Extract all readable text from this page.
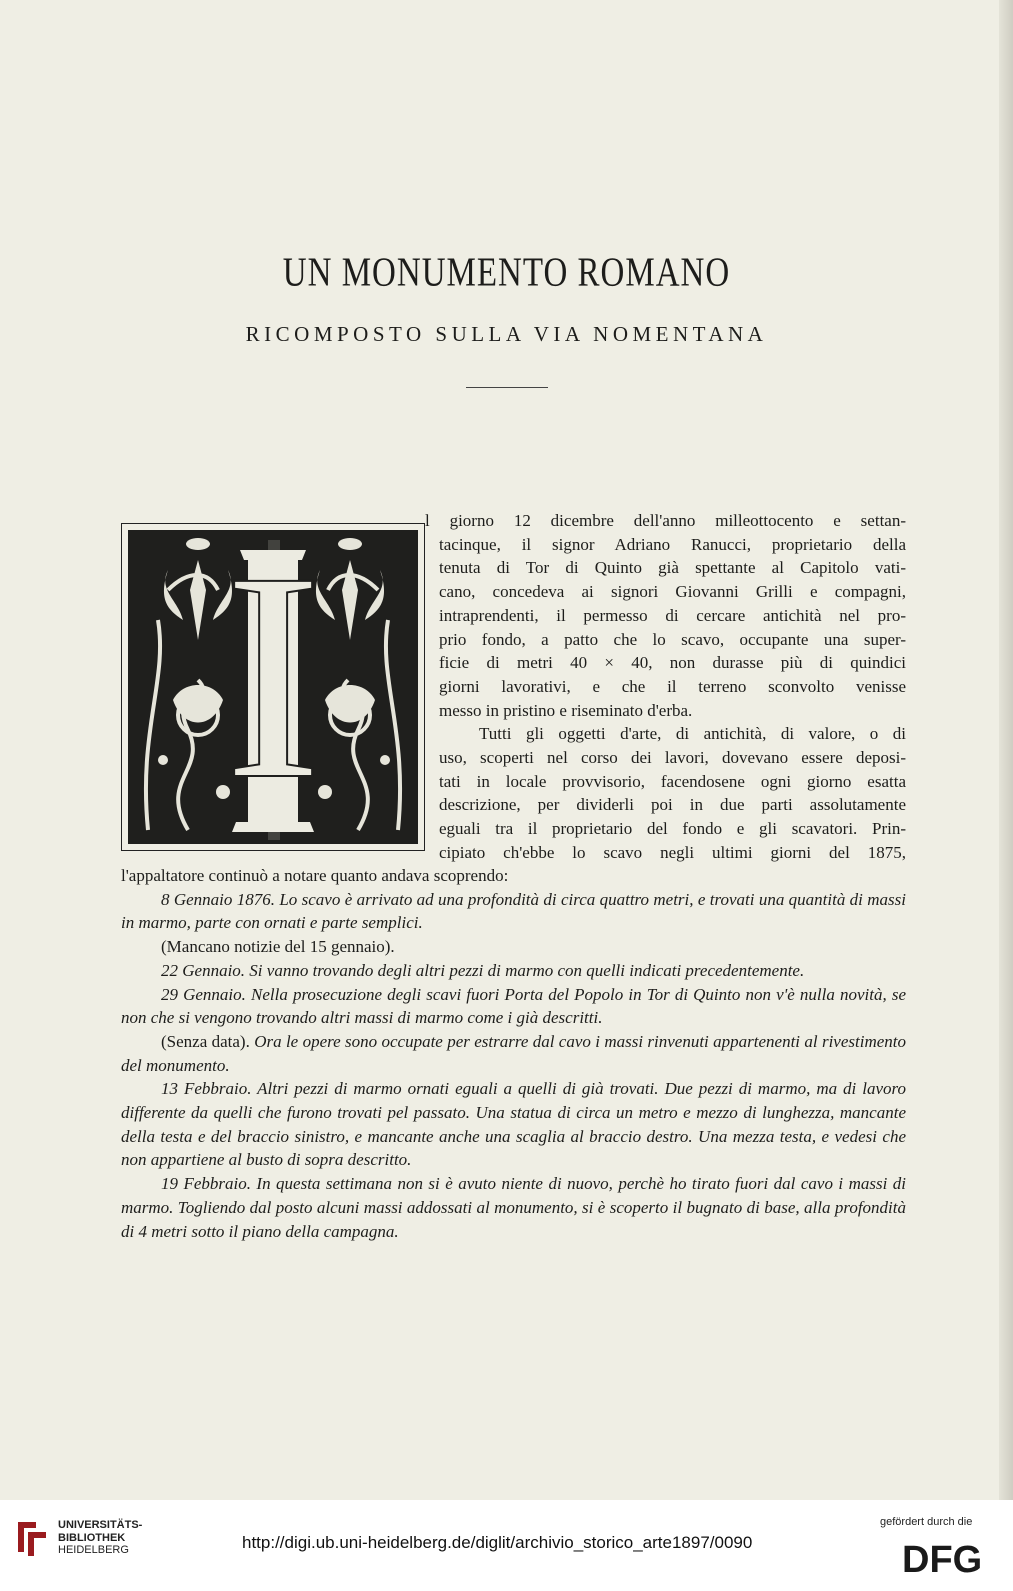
UN MONUMENTO ROMANO
RICOMPOSTO SULLA VIA NOMENTANA
I	l giorno 12 dicembre dell'anno milleottocento e settan-

tacinque, il signor Adriano Ranucci, proprietario della

tenuta di Tor di Quinto già spettante al Capitolo vati-

cano, concedeva ai signori Giovanni Grilli e compagni,

intraprendenti, il permesso di cercare antichità nel pro-

prio fondo, a patto che lo scavo, occupante una super-

ficie di metri 40 × 40, non durasse più di quindici

giorni lavorativi, e che il terreno sconvolto venisse

messo in pristino e riseminato d'erba.

Tutti gli oggetti d'arte, di antichità, di valore, o di

uso, scoperti nel corso dei lavori, dovevano essere deposi-

tati in locale provvisorio, facendosene ogni giorno esatta

descrizione, per dividerli poi in due parti assolutamente

eguali tra il proprietario del fondo e gli scavatori. Prin-

cipiato ch'ebbe lo scavo negli ultimi giorni del 1875,

l'appaltatore continuò a notare quanto andava scoprendo:

8 Gennaio 1876. Lo scavo è arrivato ad una profondità di circa quattro metri, e trovati una quantità di massi in marmo, parte con ornati e parte semplici.

(Mancano notizie del 15 gennaio).

22 Gennaio. Si vanno trovando degli altri pezzi di marmo con quelli indicati precedentemente.

29 Gennaio. Nella prosecuzione degli scavi fuori Porta del Popolo in Tor di Quinto non v'è nulla novità, se non che si vengono trovando altri massi di marmo come i già descritti.

(Senza data). Ora le opere sono occupate per estrarre dal cavo i massi rinvenuti appartenenti al rivestimento del monumento.

13 Febbraio. Altri pezzi di marmo ornati eguali a quelli di già trovati. Due pezzi di marmo, ma di lavoro differente da quelli che furono trovati pel passato. Una statua di circa un metro e mezzo di lunghezza, mancante della testa e del braccio sinistro, e mancante anche una scaglia al braccio destro. Una mezza testa, e vedesi che non appartiene al busto di sopra descritto.

19 Febbraio. In questa settimana non si è avuto niente di nuovo, perchè ho tirato fuori dal cavo i massi di marmo. Togliendo dal posto alcuni massi addossati al monumento, si è scoperto il bugnato di base, alla profondità di 4 metri sotto il piano della campagna.

UNIVERSITÄTS-
BIBLIOTHEK
HEIDELBERG	http://digi.ub.uni-heidelberg.de/diglit/archivio_storico_arte1897/0090
gefördert durch die
DFG
